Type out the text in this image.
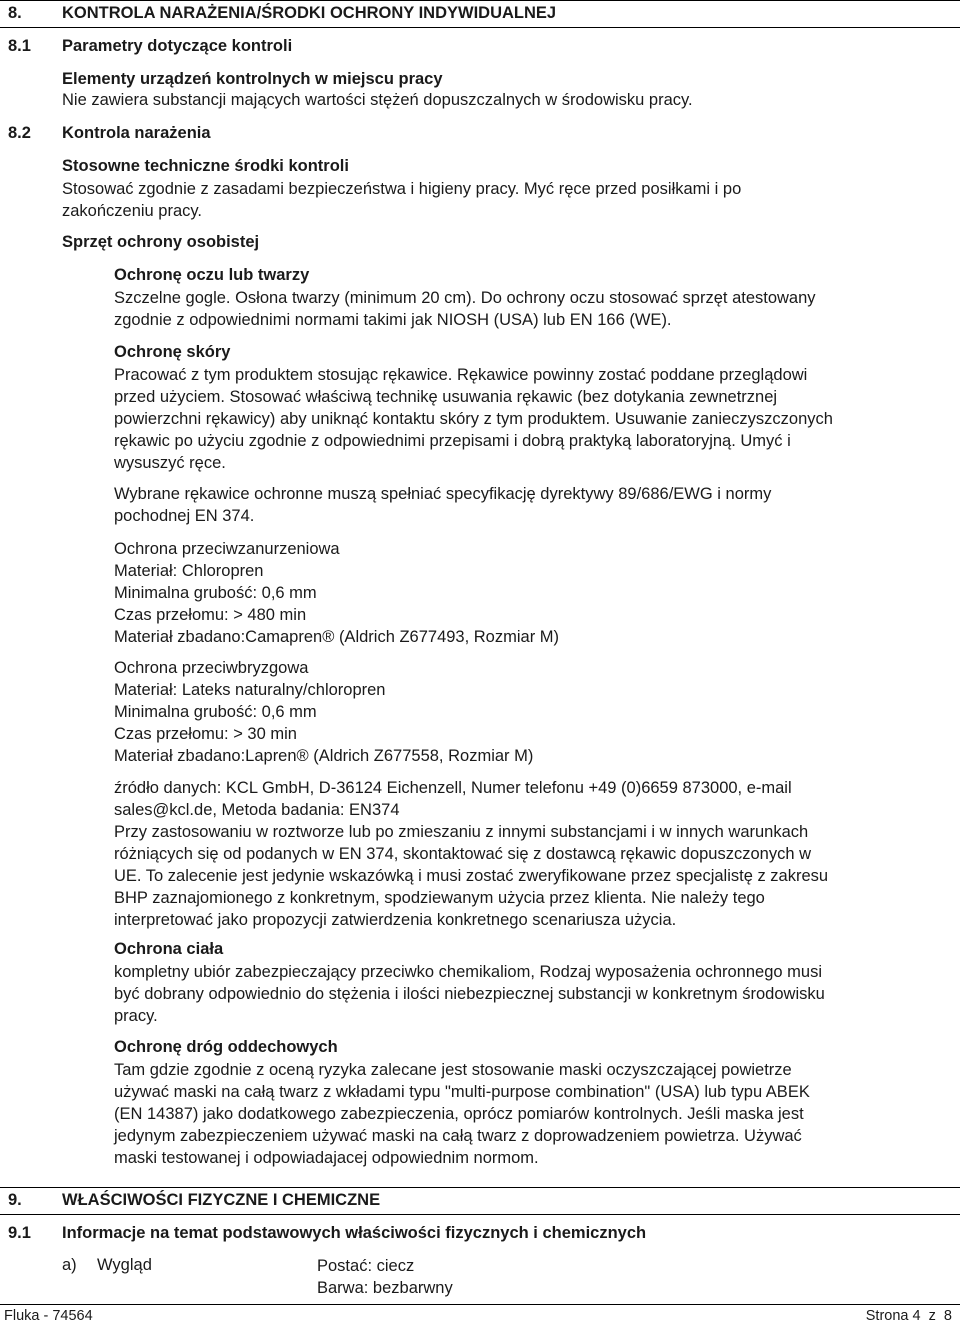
8. KONTROLA NARAŻENIA/ŚRODKI OCHRONY INDYWIDUALNEJ
8.1 Parametry dotyczące kontroli
Elementy urządzeń kontrolnych w miejscu pracy
Nie zawiera substancji mających wartości stężeń dopuszczalnych w środowisku pracy.
8.2 Kontrola narażenia
Stosowne techniczne środki kontroli
Stosować zgodnie z zasadami bezpieczeństwa i higieny pracy. Myć ręce przed posiłkami i po
zakończeniu pracy.
Sprzęt ochrony osobistej
Ochronę oczu lub twarzy
Szczelne gogle. Osłona twarzy (minimum 20 cm). Do ochrony oczu stosować sprzęt atestowany
zgodnie z odpowiednimi normami takimi jak NIOSH (USA) lub EN 166 (WE).
Ochronę skóry
Pracować z tym produktem stosując rękawice. Rękawice powinny zostać poddane przeglądowi
przed użyciem. Stosować właściwą technikę usuwania rękawic (bez dotykania zewnetrznej
powierzchni rękawicy) aby uniknąć kontaktu skóry z tym produktem. Usuwanie zanieczyszczonych
rękawic po użyciu zgodnie z odpowiednimi przepisami i dobrą praktyką laboratoryjną. Umyć i
wysuszyć ręce.
Wybrane rękawice ochronne muszą spełniać specyfikację dyrektywy 89/686/EWG i normy
pochodnej EN 374.
Ochrona przeciwzanurzeniowa
Materiał: Chloropren
Minimalna grubość: 0,6 mm
Czas przełomu: > 480 min
Materiał zbadano:Camapren® (Aldrich Z677493, Rozmiar M)
Ochrona przeciwbryzgowa
Materiał: Lateks naturalny/chloropren
Minimalna grubość: 0,6 mm
Czas przełomu: > 30 min
Materiał zbadano:Lapren® (Aldrich Z677558, Rozmiar M)
źródło danych: KCL GmbH, D-36124 Eichenzell, Numer telefonu +49 (0)6659 873000, e-mail
sales@kcl.de, Metoda badania: EN374
Przy zastosowaniu w roztworze lub po zmieszaniu z innymi substancjami i w innych warunkach
różniących się od podanych w EN 374, skontaktować się z dostawcą rękawic dopuszczonych w
UE. To zalecenie jest jedynie wskazówką i musi zostać zweryfikowane przez specjalistę z zakresu
BHP zaznajomionego z konkretnym, spodziewanym użycia przez klienta. Nie należy tego
interpretować jako propozycji zatwierdzenia konkretnego scenariusza użycia.
Ochrona ciała
kompletny ubiór zabezpieczający przeciwko chemikaliom, Rodzaj wyposażenia ochronnego musi
być dobrany odpowiednio do stężenia i ilości niebezpiecznej substancji w konkretnym środowisku
pracy.
Ochronę dróg oddechowych
Tam gdzie zgodnie z oceną ryzyka zalecane jest stosowanie maski oczyszczającej powietrze
używać maski na całą twarz z wkładami typu "multi-purpose combination" (USA) lub typu ABEK
(EN 14387) jako dodatkowego zabezpieczenia, oprócz pomiarów kontrolnych. Jeśli maska jest
jedynym zabezpieczeniem używać maski na całą twarz z doprowadzeniem powietrza. Używać
maski testowanej i odpowiadajacej odpowiednim normom.
9. WŁAŚCIWOŚCI FIZYCZNE I CHEMICZNE
9.1 Informacje na temat podstawowych właściwości fizycznych i chemicznych
a) Wygląd	Postać: ciecz
Barwa: bezbarwny
Fluka - 74564	Strona 4  z  8
